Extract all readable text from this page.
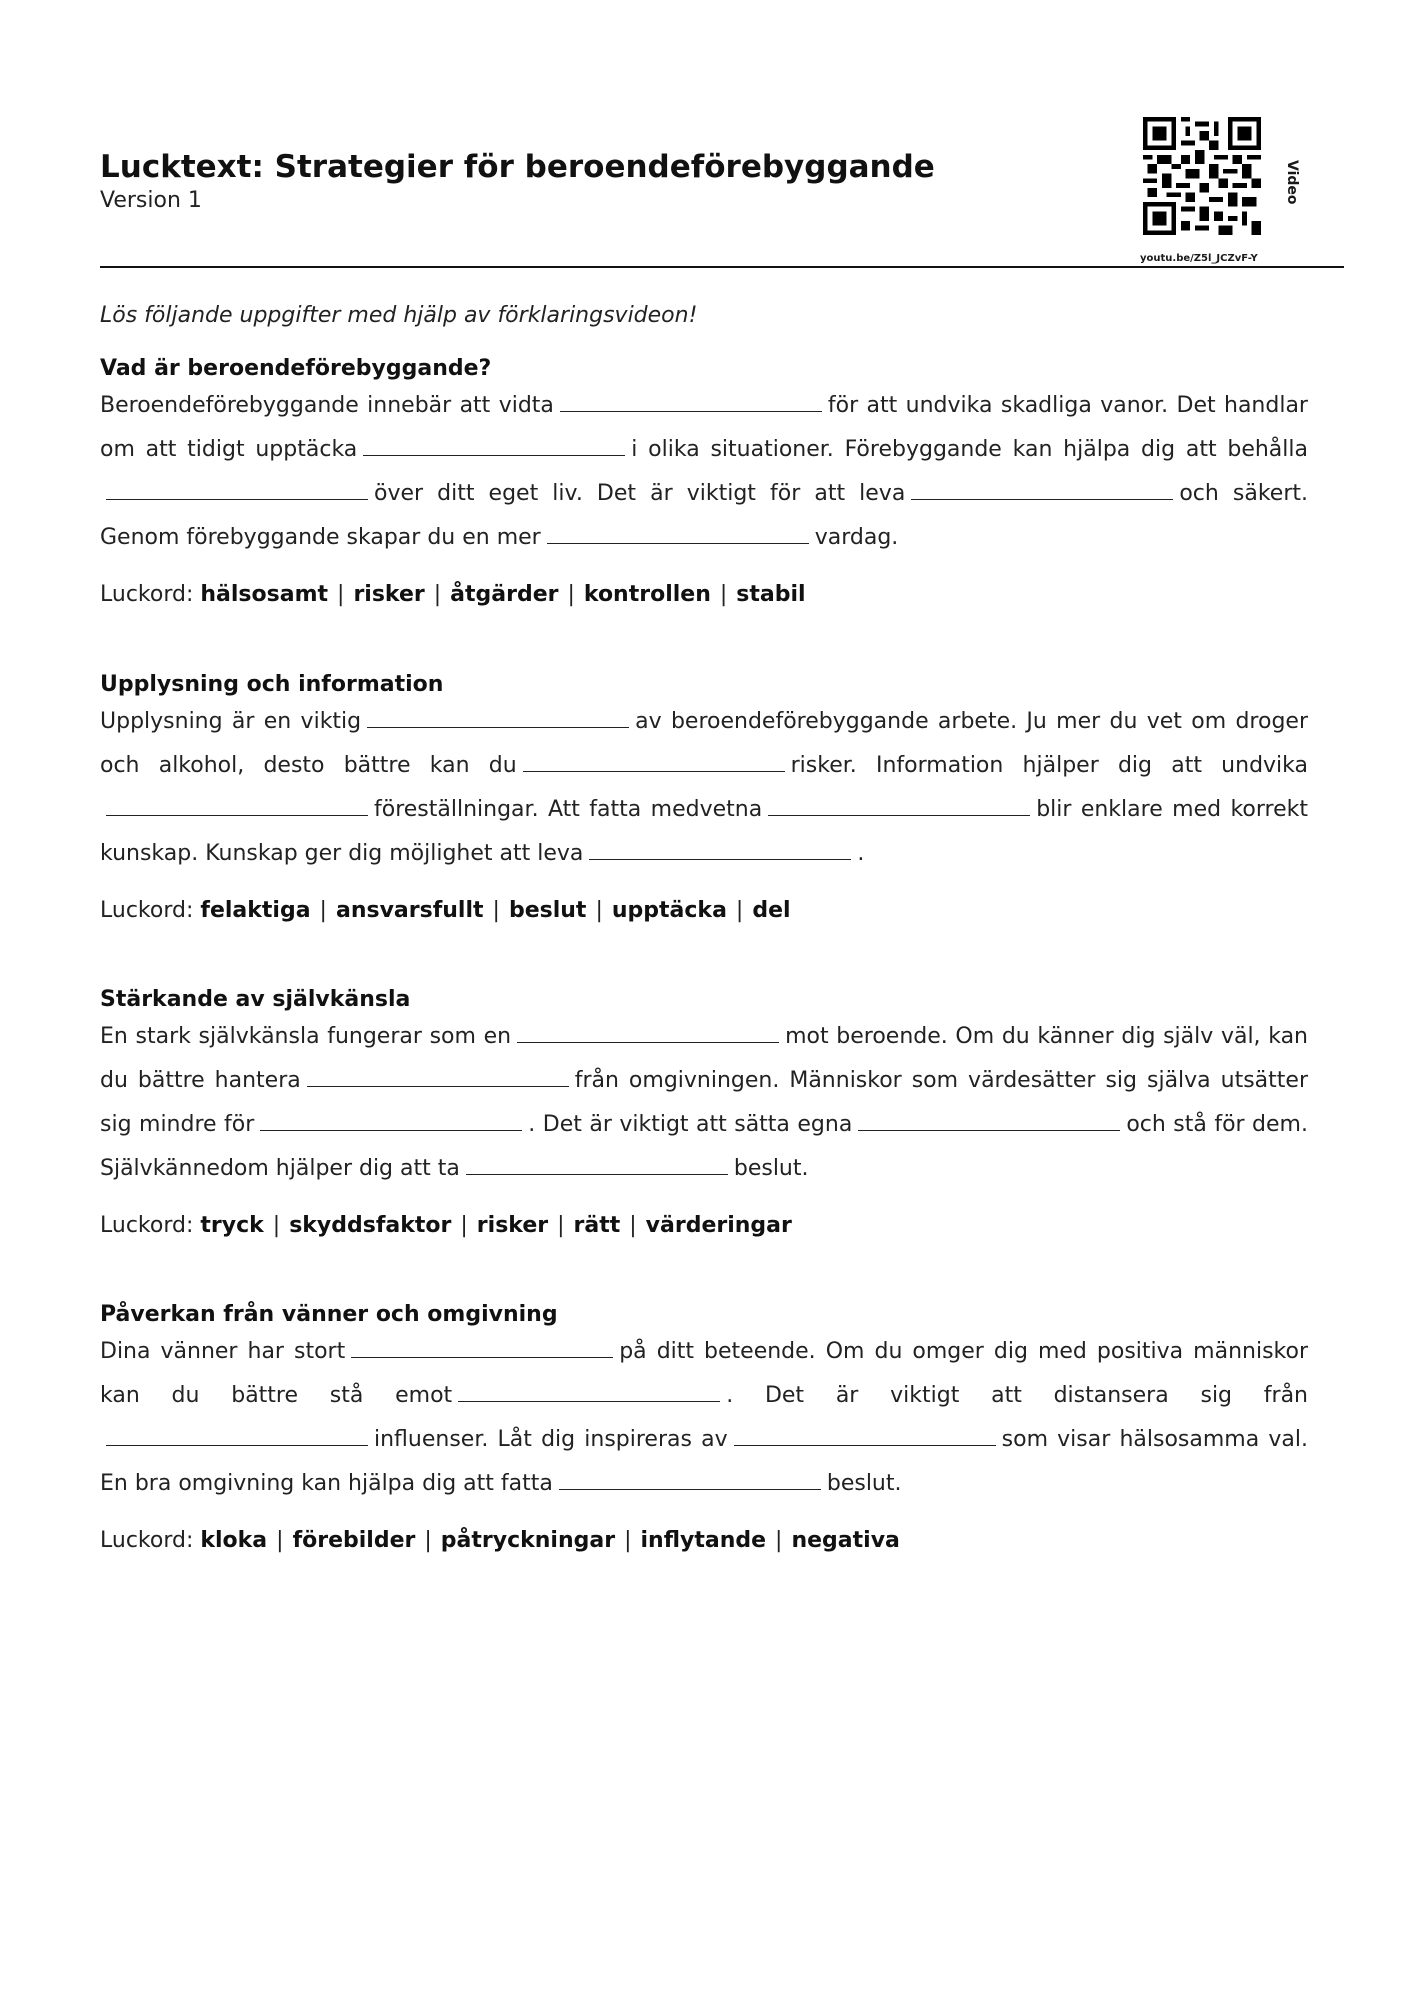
Lucktext: Strategier för beroendeförebyggande
Version 1
youtu.be/Z5l_JCZvF-Y
Video
Lös följande uppgifter med hjälp av förklaringsvideon!
Vad är beroendeförebyggande?

Beroendeförebyggande innebär att vidta	för att undvika skadliga vanor. Det handlar om att tidigt upptäcka	i olika situationer. Förebyggande kan hjälpa dig att behållaöver ditt eget liv. Det är viktigt för att leva	och säkert. Genom förebyggande skapar du en mer	vardag.

Luckord: hälsosamt | risker | åtgärder | kontrollen | stabil
Upplysning och information

Upplysning är en viktig	av beroendeförebyggande arbete. Ju mer du vet om droger och alkohol, desto bättre kan du	risker. Information hjälper dig att undvikaföreställningar. Att fatta medvetna	blir enklare med korrekt kunskap. Kunskap ger dig möjlighet att leva	.

Luckord: felaktiga | ansvarsfullt | beslut | upptäcka | del
Stärkande av självkänsla

En stark självkänsla fungerar som en	mot beroende. Om du känner dig själv väl, kan du bättre hantera	från omgivningen. Människor som värdesätter sig själva utsätter sig mindre för	. Det är viktigt att sätta egna	och stå för dem. Självkännedom hjälper dig att ta	beslut.

Luckord: tryck | skyddsfaktor | risker | rätt | värderingar
Påverkan från vänner och omgivning

Dina vänner har stort	på ditt beteende. Om du omger dig med positiva människor kan du bättre stå emot	. Det är viktigt att distansera sig fråninfluenser. Låt dig inspireras av	som visar hälsosamma val. En bra omgivning kan hjälpa dig att fatta	beslut.

Luckord: kloka | förebilder | påtryckningar | inflytande | negativa
